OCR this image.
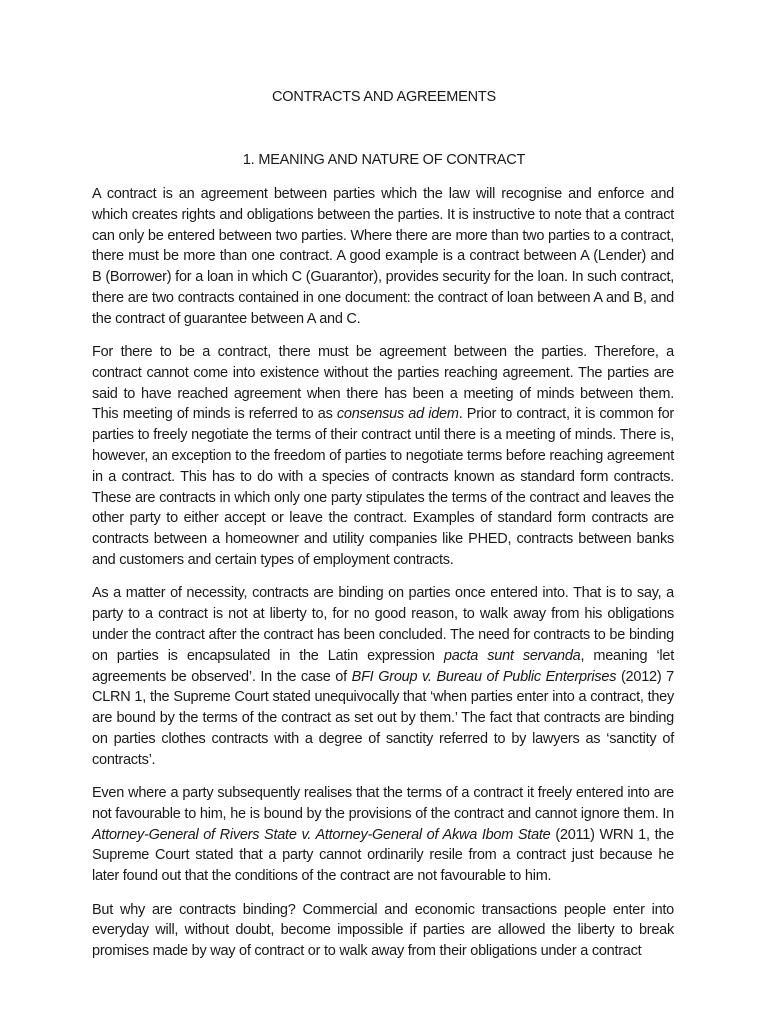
CONTRACTS AND AGREEMENTS
1. MEANING AND NATURE OF CONTRACT

A contract is an agreement between parties which the law will recognise and enforce and which creates rights and obligations between the parties. It is instructive to note that a contract can only be entered between two parties. Where there are more than two parties to a contract, there must be more than one contract. A good example is a contract between A (Lender) and B (Borrower) for a loan in which C (Guarantor), provides security for the loan. In such contract, there are two contracts contained in one document: the contract of loan between A and B, and the contract of guarantee between A and C.

For there to be a contract, there must be agreement between the parties. Therefore, a contract cannot come into existence without the parties reaching agreement. The parties are said to have reached agreement when there has been a meeting of minds between them. This meeting of minds is referred to as consensus ad idem. Prior to contract, it is common for parties to freely negotiate the terms of their contract until there is a meeting of minds. There is, however, an exception to the freedom of parties to negotiate terms before reaching agreement in a contract. This has to do with a species of contracts known as standard form contracts. These are contracts in which only one party stipulates the terms of the contract and leaves the other party to either accept or leave the contract. Examples of standard form contracts are contracts between a homeowner and utility companies like PHED, contracts between banks and customers and certain types of employment contracts.

As a matter of necessity, contracts are binding on parties once entered into. That is to say, a party to a contract is not at liberty to, for no good reason, to walk away from his obligations under the contract after the contract has been concluded. The need for contracts to be binding on parties is encapsulated in the Latin expression pacta sunt servanda, meaning ‘let agreements be observed’. In the case of BFI Group v. Bureau of Public Enterprises (2012) 7 CLRN 1, the Supreme Court stated unequivocally that ‘when parties enter into a contract, they are bound by the terms of the contract as set out by them.’ The fact that contracts are binding on parties clothes contracts with a degree of sanctity referred to by lawyers as ‘sanctity of contracts’.

Even where a party subsequently realises that the terms of a contract it freely entered into are not favourable to him, he is bound by the provisions of the contract and cannot ignore them. In Attorney-General of Rivers State v. Attorney-General of Akwa Ibom State (2011) WRN 1, the Supreme Court stated that a party cannot ordinarily resile from a contract just because he later found out that the conditions of the contract are not favourable to him.

But why are contracts binding? Commercial and economic transactions people enter into everyday will, without doubt, become impossible if parties are allowed the liberty to break promises made by way of contract or to walk away from their obligations under a contract
